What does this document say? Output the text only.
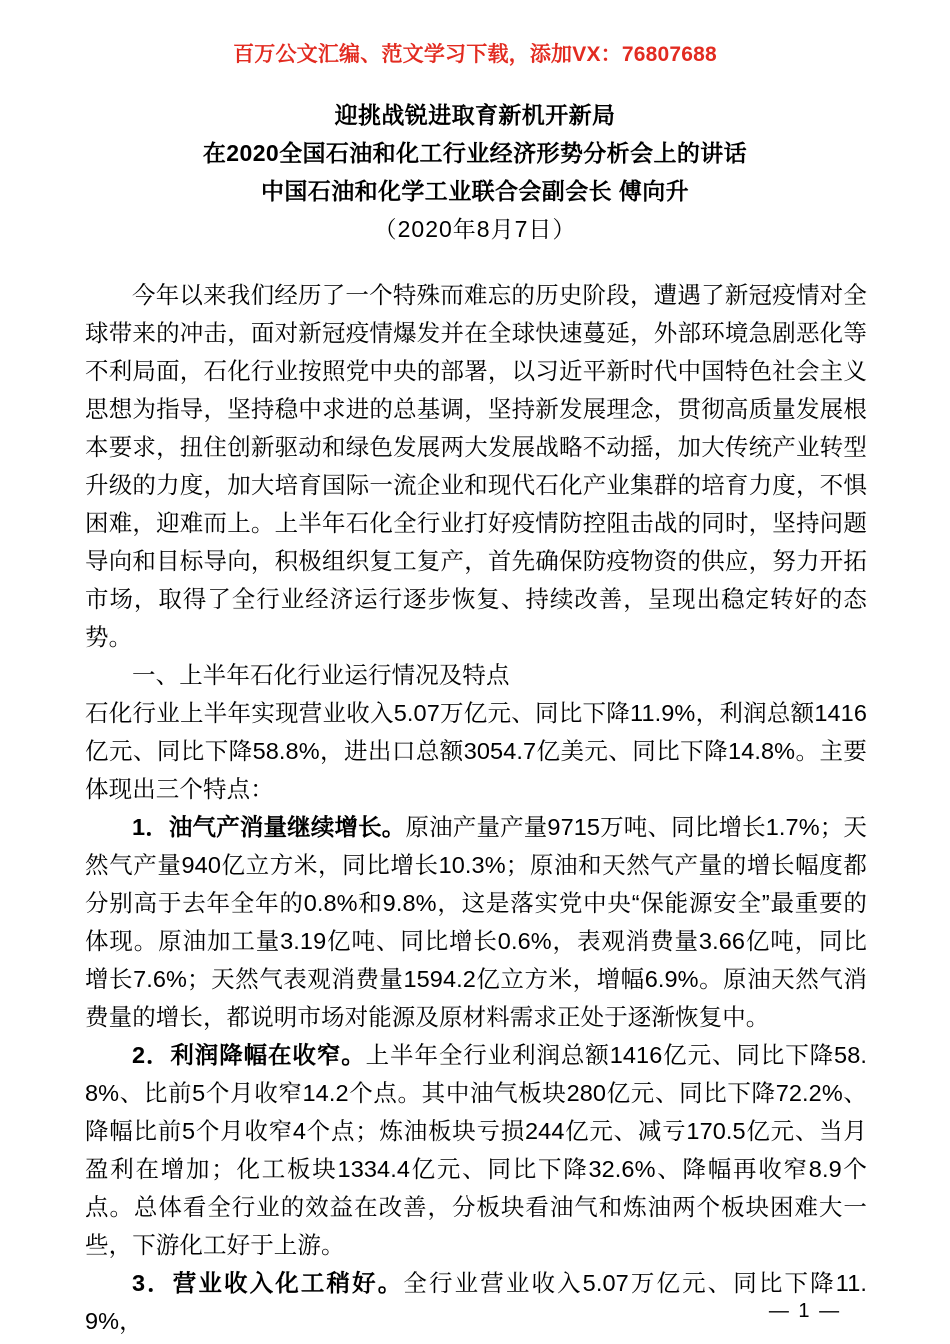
百万公文汇编、范文学习下载，添加VX：76807688
迎挑战锐进取育新机开新局
在2020全国石油和化工行业经济形势分析会上的讲话
中国石油和化学工业联合会副会长 傅向升
（2020年8月7日）

今年以来我们经历了一个特殊而难忘的历史阶段，遭遇了新冠疫情对全球带来的冲击，面对新冠疫情爆发并在全球快速蔓延，外部环境急剧恶化等不利局面，石化行业按照党中央的部署，以习近平新时代中国特色社会主义思想为指导，坚持稳中求进的总基调，坚持新发展理念，贯彻高质量发展根本要求，扭住创新驱动和绿色发展两大发展战略不动摇，加大传统产业转型升级的力度，加大培育国际一流企业和现代石化产业集群的培育力度，不惧困难，迎难而上。上半年石化全行业打好疫情防控阻击战的同时，坚持问题导向和目标导向，积极组织复工复产，首先确保防疫物资的供应，努力开拓市场，取得了全行业经济运行逐步恢复、持续改善，呈现出稳定转好的态势。

一、上半年石化行业运行情况及特点

石化行业上半年实现营业收入5.07万亿元、同比下降11.9%，利润总额1416亿元、同比下降58.8%，进出口总额3054.7亿美元、同比下降14.8%。主要体现出三个特点：

1．油气产消量继续增长。原油产量产量9715万吨、同比增长1.7%；天然气产量940亿立方米，同比增长10.3%；原油和天然气产量的增长幅度都分别高于去年全年的0.8%和9.8%，这是落实党中央“保能源安全”最重要的体现。原油加工量3.19亿吨、同比增长0.6%，表观消费量3.66亿吨，同比增长7.6%；天然气表观消费量1594.2亿立方米，增幅6.9%。原油天然气消费量的增长，都说明市场对能源及原材料需求正处于逐渐恢复中。

2．利润降幅在收窄。上半年全行业利润总额1416亿元、同比下降58.8%、比前5个月收窄14.2个点。其中油气板块280亿元、同比下降72.2%、降幅比前5个月收窄4个点；炼油板块亏损244亿元、减亏170.5亿元、当月盈利在增加；化工板块1334.4亿元、同比下降32.6%、降幅再收窄8.9个点。总体看全行业的效益在改善，分板块看油气和炼油两个板块困难大一些，下游化工好于上游。

3．营业收入化工稍好。全行业营业收入5.07万亿元、同比下降11.9%，	— 1 —
